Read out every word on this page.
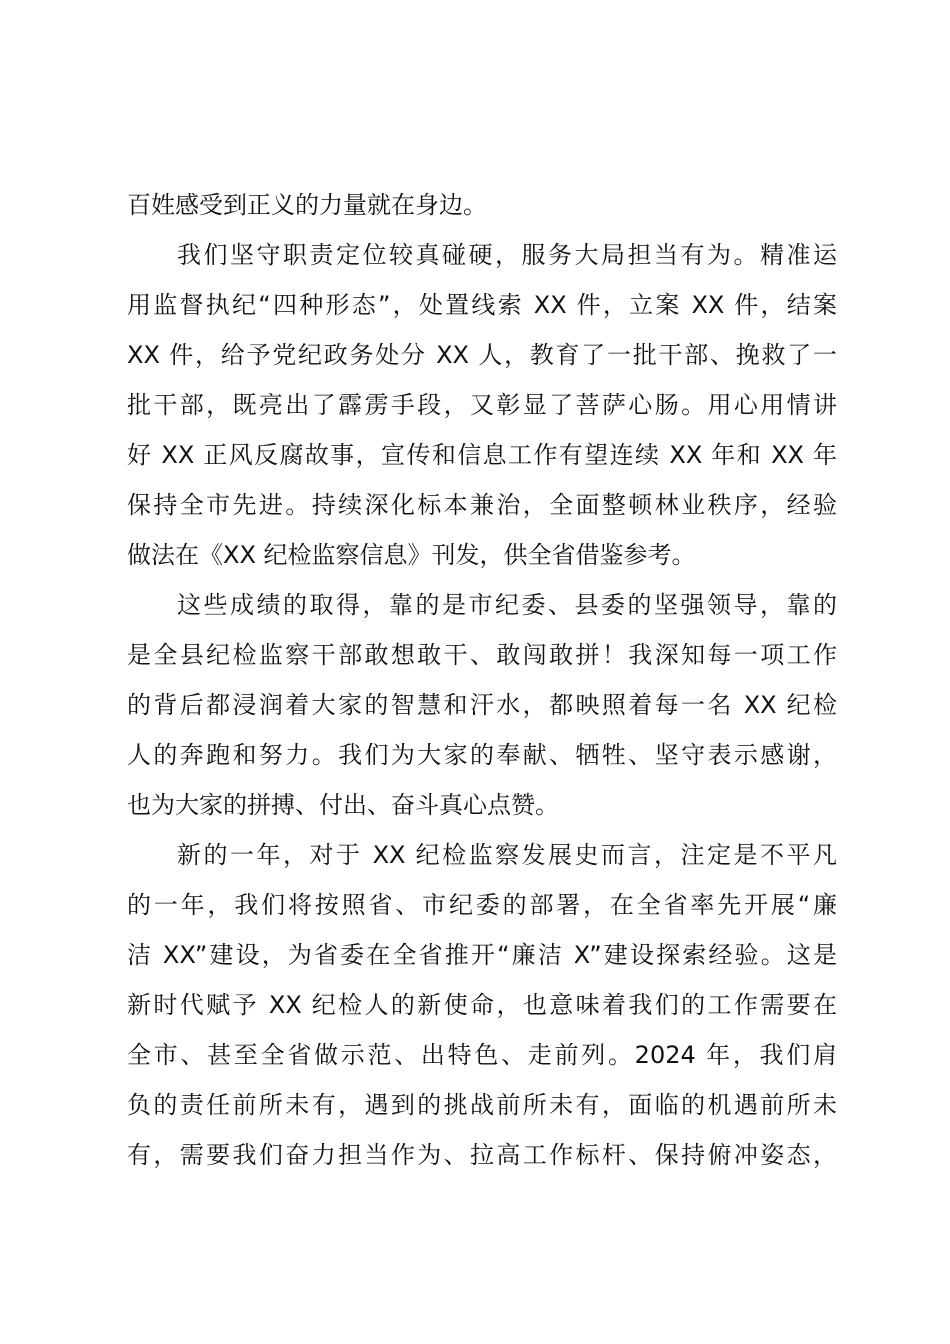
百姓感受到正义的力量就在身边。
我们坚守职责定位较真碰硬，服务大局担当有为。精准运
用监督执纪“四种形态”，处置线索 XX 件，立案 XX 件，结案
XX 件，给予党纪政务处分 XX 人，教育了一批干部、挽救了一
批干部，既亮出了霹雳手段，又彰显了菩萨心肠。用心用情讲
好 XX 正风反腐故事，宣传和信息工作有望连续 XX 年和 XX 年
保持全市先进。持续深化标本兼治，全面整顿林业秩序，经验
做法在《XX 纪检监察信息》刊发，供全省借鉴参考。
这些成绩的取得，靠的是市纪委、县委的坚强领导，靠的
是全县纪检监察干部敢想敢干、敢闯敢拼！我深知每一项工作
的背后都浸润着大家的智慧和汗水，都映照着每一名 XX 纪检
人的奔跑和努力。我们为大家的奉献、牺牲、坚守表示感谢，
也为大家的拼搏、付出、奋斗真心点赞。
新的一年，对于 XX 纪检监察发展史而言，注定是不平凡
的一年，我们将按照省、市纪委的部署，在全省率先开展“廉
洁 XX”建设，为省委在全省推开“廉洁 X”建设探索经验。这是
新时代赋予 XX 纪检人的新使命，也意味着我们的工作需要在
全市、甚至全省做示范、出特色、走前列。2024 年，我们肩
负的责任前所未有，遇到的挑战前所未有，面临的机遇前所未
有，需要我们奋力担当作为、拉高工作标杆、保持俯冲姿态，
